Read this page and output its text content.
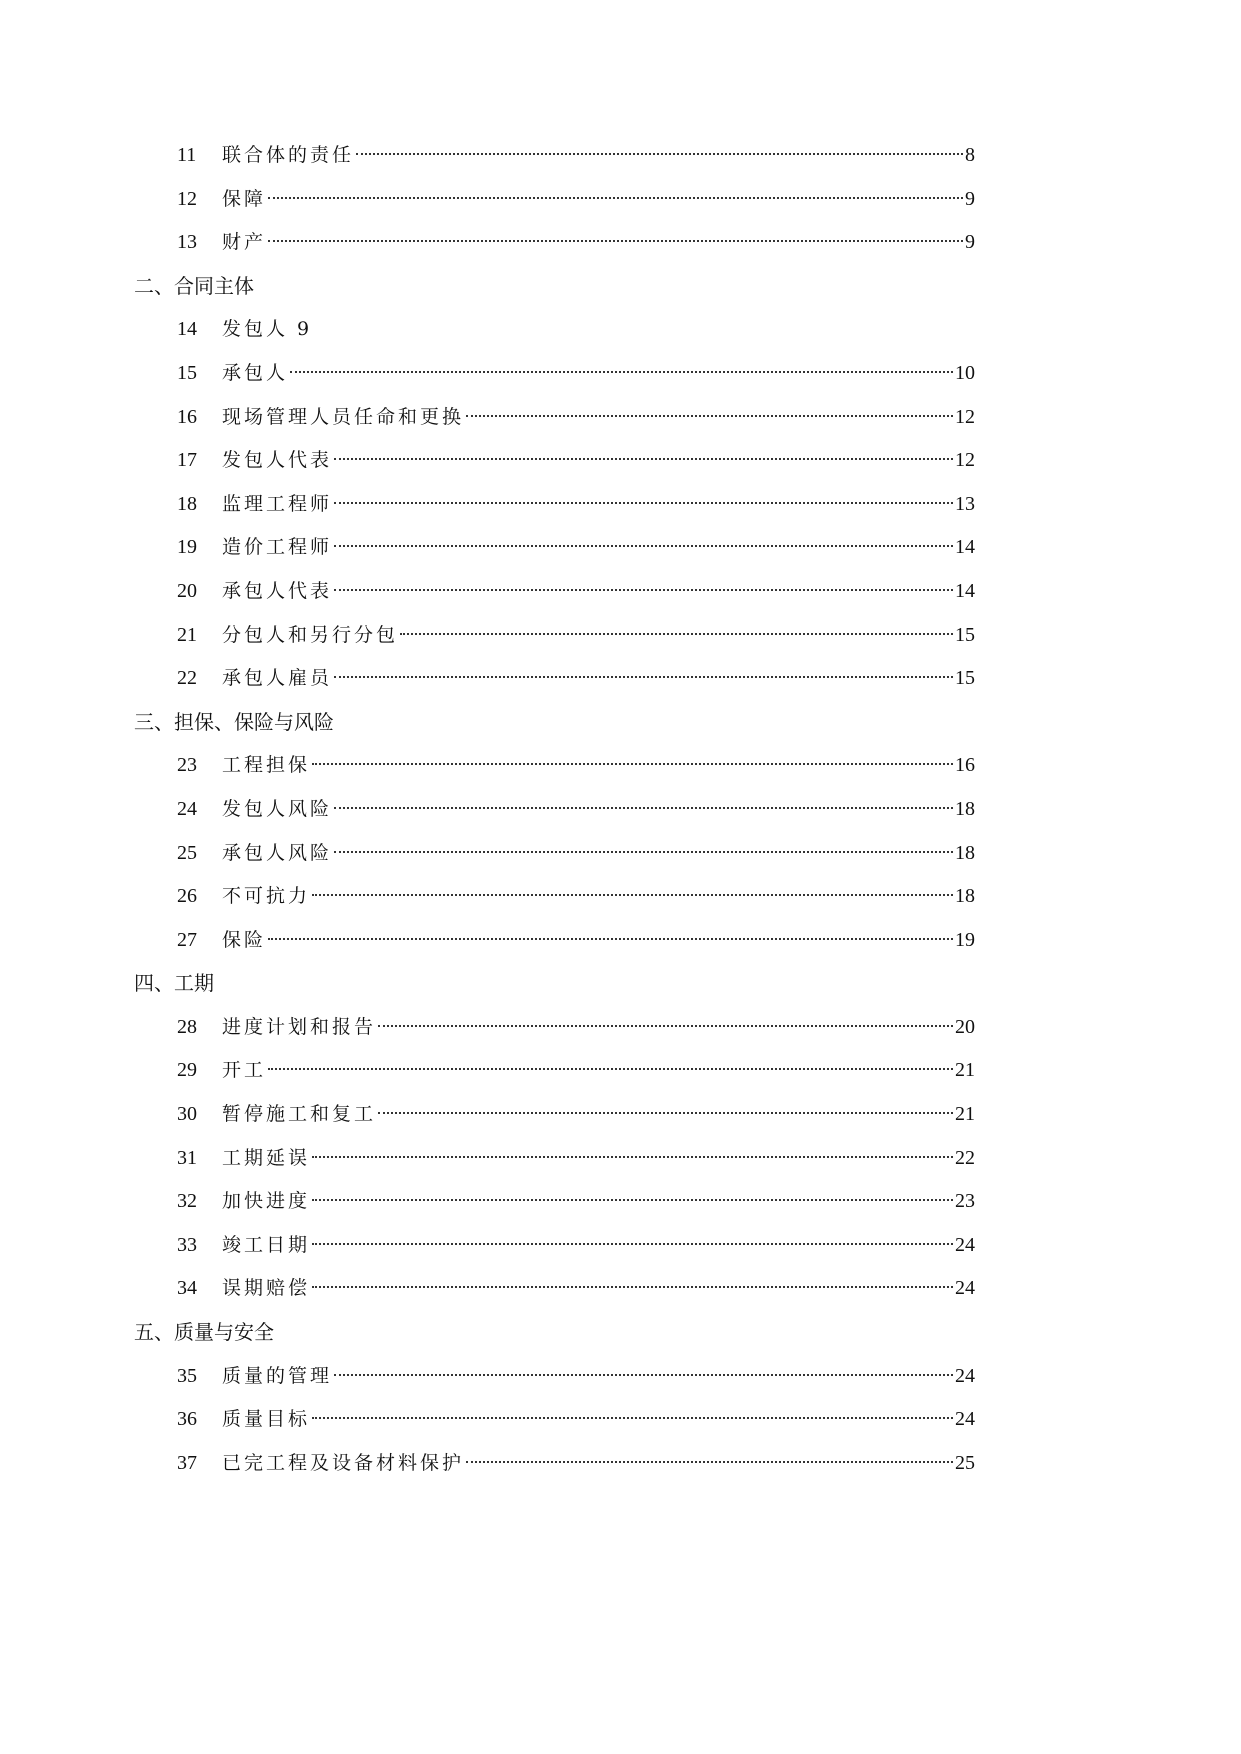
11	联合体的责任	8
12	保障	9
13	财产	9
二、合同主体
14	发包人 9
15	承包人	10
16	现场管理人员任命和更换	12
17	发包人代表	12
18	监理工程师	13
19	造价工程师	14
20	承包人代表	14
21	分包人和另行分包	15
22	承包人雇员	15
三、担保、保险与风险
23	工程担保	16
24	发包人风险	18
25	承包人风险	18
26	不可抗力	18
27	保险	19
四、工期
28	进度计划和报告	20
29	开工	21
30	暂停施工和复工	21
31	工期延误	22
32	加快进度	23
33	竣工日期	24
34	误期赔偿	24
五、质量与安全
35	质量的管理	24
36	质量目标	24
37	已完工程及设备材料保护	25
